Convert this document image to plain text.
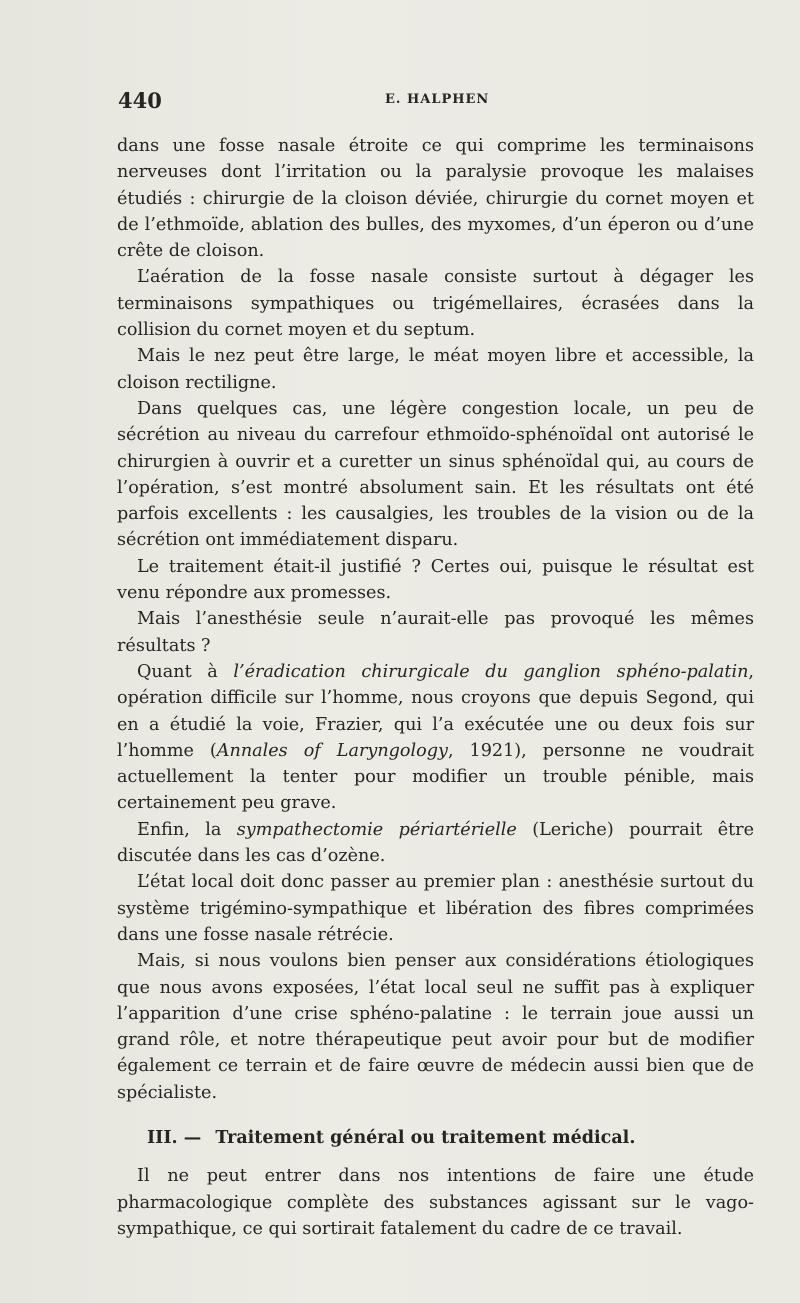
440	E. HALPHEN

dans une fosse nasale étroite ce qui comprime les terminaisons nerveuses dont l’irritation ou la paralysie provoque les malaises étudiés : chirurgie de la cloison déviée, chirurgie du cornet moyen et de l’ethmoïde, ablation des bulles, des myxomes, d’un éperon ou d’une crête de cloison.

L’aération de la fosse nasale consiste surtout à dégager les terminaisons sympathiques ou trigémellaires, écrasées dans la collision du cornet moyen et du septum.

Mais le nez peut être large, le méat moyen libre et accessible, la cloison rectiligne.

Dans quelques cas, une légère congestion locale, un peu de sécrétion au niveau du carrefour ethmoïdo-sphénoïdal ont autorisé le chirurgien à ouvrir et a curetter un sinus sphénoïdal qui, au cours de l’opération, s’est montré absolument sain. Et les résultats ont été parfois excellents : les causalgies, les troubles de la vision ou de la sécrétion ont immédiatement disparu.

Le traitement était-il justifié ? Certes oui, puisque le résultat est venu répondre aux promesses.

Mais l’anesthésie seule n’aurait-elle pas provoqué les mêmes résultats ?

Quant à l’éradication chirurgicale du ganglion sphéno-palatin, opération difficile sur l’homme, nous croyons que depuis Segond, qui en a étudié la voie, Frazier, qui l’a exécutée une ou deux fois sur l’homme (Annales of Laryngology, 1921), personne ne voudrait actuellement la tenter pour modifier un trouble pénible, mais certainement peu grave.

Enfin, la sympathectomie périartérielle (Leriche) pourrait être discutée dans les cas d’ozène.

L’état local doit donc passer au premier plan : anesthésie surtout du système trigémino-sympathique et libération des fibres comprimées dans une fosse nasale rétrécie.

Mais, si nous voulons bien penser aux considérations étiologiques que nous avons exposées, l’état local seul ne suffit pas à expliquer l’apparition d’une crise sphéno-palatine : le terrain joue aussi un grand rôle, et notre thérapeutique peut avoir pour but de modifier également ce terrain et de faire œuvre de médecin aussi bien que de spécialiste.

III. — Traitement général ou traitement médical.

Il ne peut entrer dans nos intentions de faire une étude pharmacologique complète des substances agissant sur le vago-sympathique, ce qui sortirait fatalement du cadre de ce travail.
